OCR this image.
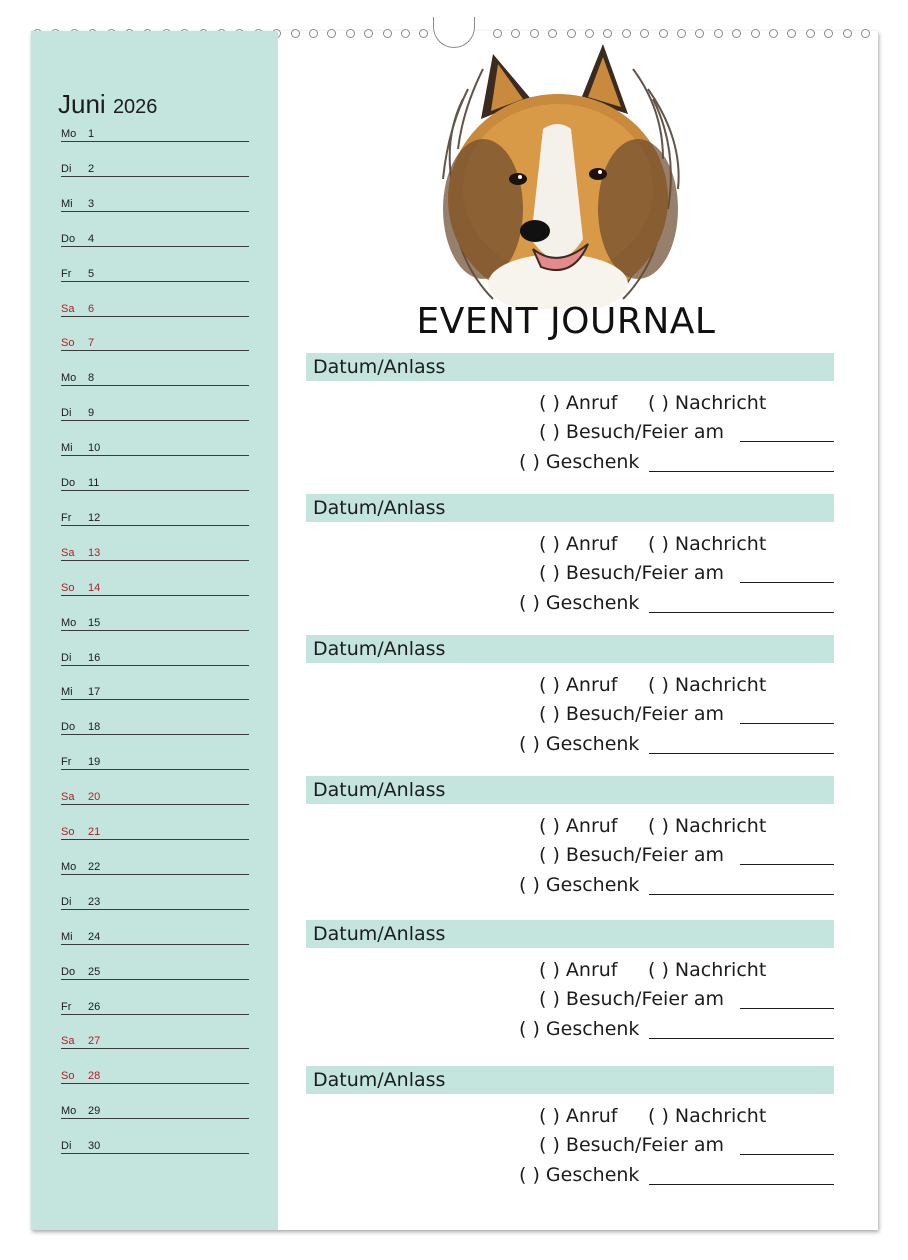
Juni 2026
Mo 1
Di 2
Mi 3
Do 4
Fr 5
Sa 6
So 7
Mo 8
Di 9
Mi 10
Do 11
Fr 12
Sa 13
So 14
Mo 15
Di 16
Mi 17
Do 18
Fr 19
Sa 20
So 21
Mo 22
Di 23
Mi 24
Do 25
Fr 26
Sa 27
So 28
Mo 29
Di 30
EVENT JOURNAL
Datum/Anlass
( ) Anruf ( ) Nachricht
( ) Besuch/Feier am
( ) Geschenk
Datum/Anlass
( ) Anruf ( ) Nachricht
( ) Besuch/Feier am
( ) Geschenk
Datum/Anlass
( ) Anruf ( ) Nachricht
( ) Besuch/Feier am
( ) Geschenk
Datum/Anlass
( ) Anruf ( ) Nachricht
( ) Besuch/Feier am
( ) Geschenk
Datum/Anlass
( ) Anruf ( ) Nachricht
( ) Besuch/Feier am
( ) Geschenk
Datum/Anlass
( ) Anruf ( ) Nachricht
( ) Besuch/Feier am
( ) Geschenk
